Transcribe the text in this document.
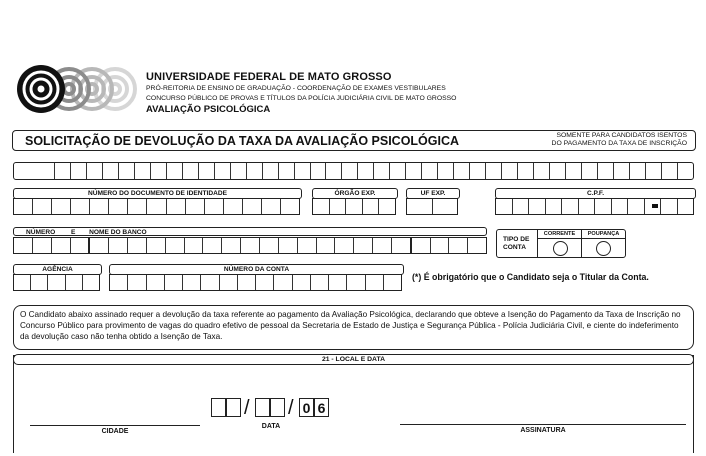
UNIVERSIDADE FEDERAL DE MATO GROSSO
PRÓ-REITORIA DE ENSINO DE GRADUAÇÃO - COORDENAÇÃO DE EXAMES VESTIBULARES
CONCURSO PÚBLICO DE PROVAS E TÍTULOS DA POLÍCIA JUDICIÁRIA CIVIL DE MATO GROSSO
AVALIAÇÃO PSICOLÓGICA
SOLICITAÇÃO DE DEVOLUÇÃO DA TAXA DA AVALIAÇÃO PSICOLÓGICA	SOMENTE PARA CANDIDATOS ISENTOS
DO PAGAMENTO DA TAXA DE INSCRIÇÃO
NÚMERO DO DOCUMENTO DE IDENTIDADE	ÓRGÃO EXP.	UF EXP.	C.P.F.
NÚMERO E NOME DO BANCO
TIPO DE
CONTA
CORRENTE	POUPANÇA
AGÊNCIA	NÚMERO DA CONTA
(*) É obrigatório que o Candidato seja o Titular da Conta.
O Candidato abaixo assinado requer a devolução da taxa referente ao pagamento da Avaliação Psicológica, declarando que obteve a Isenção do Pagamento da Taxa de Inscrição no Concurso Público para provimento de vagas do quadro efetivo de pessoal da Secretaria de Estado de Justiça e Segurança Pública - Polícia Judiciária Civil, e ciente do indeferimento da devolução caso não tenha obtido a Isenção de Taxa.
21 - LOCAL E DATA
CIDADE
/ / 0 6
DATA
ASSINATURA
